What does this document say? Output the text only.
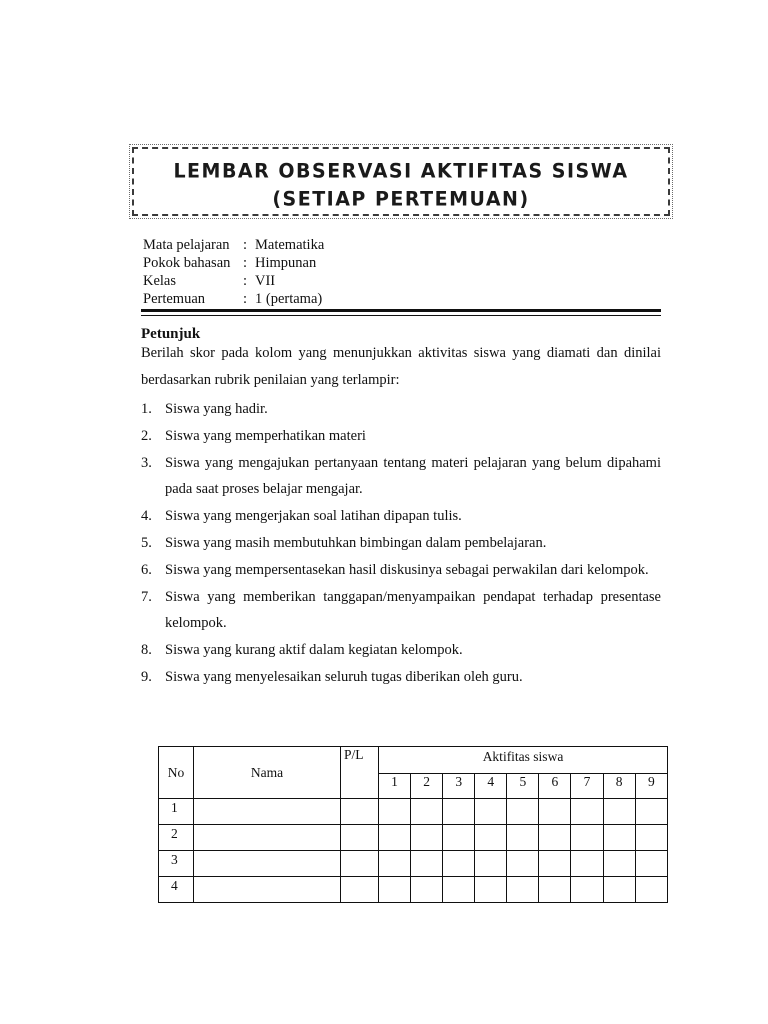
LEMBAR OBSERVASI AKTIFITAS SISWA
(SETIAP PERTEMUAN)
Mata pelajaran : Matematika
Pokok bahasan : Himpunan
Kelas	: VII
Pertemuan	: 1 (pertama)
Petunjuk
Berilah skor pada kolom yang menunjukkan aktivitas siswa yang diamati dan dinilai
berdasarkan rubrik penilaian yang terlampir:
1. Siswa yang hadir.
2. Siswa yang memperhatikan materi
3. Siswa yang mengajukan pertanyaan tentang materi pelajaran yang belum dipahami pada saat proses belajar mengajar.
4. Siswa yang mengerjakan soal latihan dipapan tulis.
5. Siswa yang masih membutuhkan bimbingan dalam pembelajaran.
6. Siswa yang mempersentasekan hasil diskusinya sebagai perwakilan dari kelompok.
7. Siswa yang memberikan tanggapan/menyampaikan pendapat terhadap presentase kelompok.
8. Siswa yang kurang aktif dalam kegiatan kelompok.
9. Siswa yang menyelesaikan seluruh tugas diberikan oleh guru.
No	Nama	P/L	Aktifitas siswa								
			1	2	3	4	5	6	7	8	9
1											
2											
3											
4											
